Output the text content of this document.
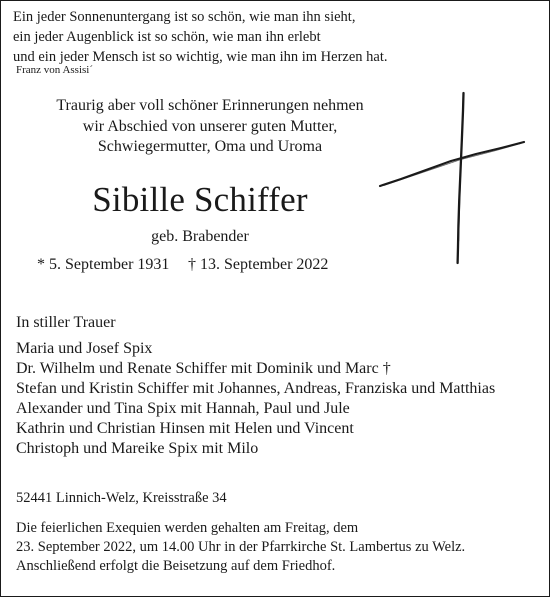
Ein jeder Sonnenuntergang ist so schön, wie man ihn sieht,
ein jeder Augenblick ist so schön, wie man ihn erlebt
und ein jeder Mensch ist so wichtig, wie man ihn im Herzen hat.
Franz von Assisi´
Traurig aber voll schöner Erinnerungen nehmen
wir Abschied von unserer guten Mutter,
Schwiegermutter, Oma und Uroma
Sibille Schiffer
geb. Brabender
* 5. September 1931 † 13. September 2022
In stiller Trauer
Maria und Josef Spix
Dr. Wilhelm und Renate Schiffer mit Dominik und Marc †
Stefan und Kristin Schiffer mit Johannes, Andreas, Franziska und Matthias
Alexander und Tina Spix mit Hannah, Paul und Jule
Kathrin und Christian Hinsen mit Helen und Vincent
Christoph und Mareike Spix mit Milo
52441 Linnich-Welz, Kreisstraße 34
Die feierlichen Exequien werden gehalten am Freitag, dem
23. September 2022, um 14.00 Uhr in der Pfarrkirche St. Lambertus zu Welz.
Anschließend erfolgt die Beisetzung auf dem Friedhof.
